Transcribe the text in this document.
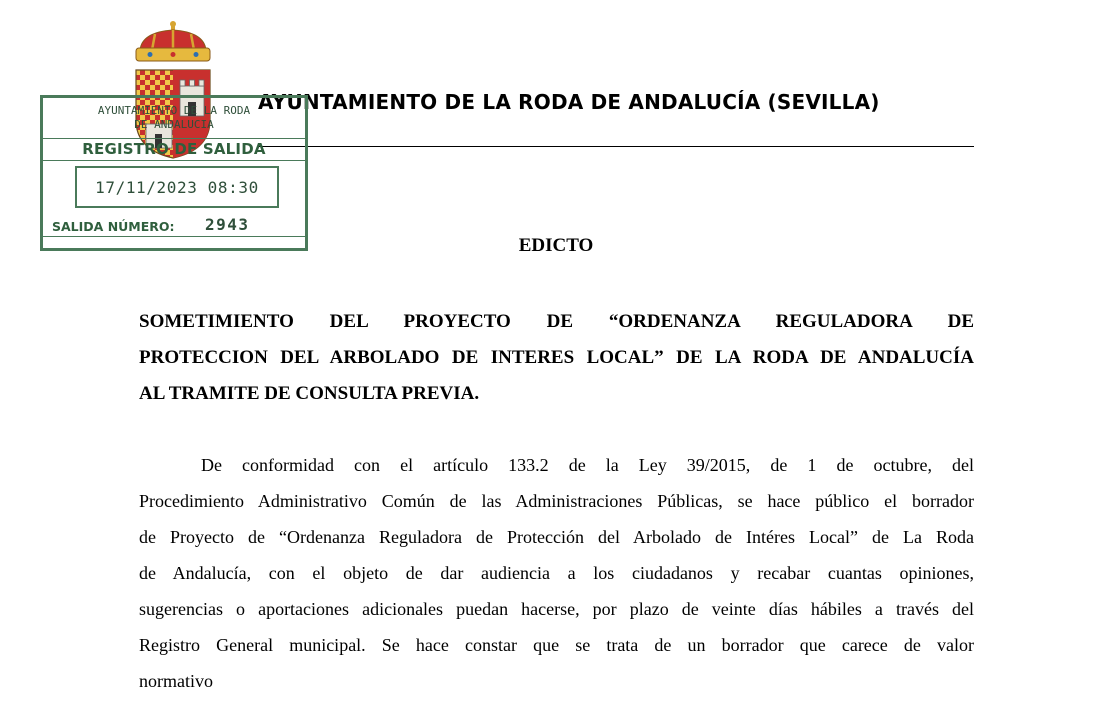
AYUNTAMIENTO DE LA RODA DE ANDALUCÍA (SEVILLA)
AYUNTAMIENTO DE LA RODA
DE ANDALUCIA
REGISTRO DE SALIDA
17/11/2023 08:30
SALIDA NÚMERO: 2943
EDICTO
SOMETIMIENTO DEL PROYECTO DE “ORDENANZA REGULADORA DE
PROTECCION DEL ARBOLADO DE INTERES LOCAL” DE LA RODA DE ANDALUCÍA
AL TRAMITE DE CONSULTA PREVIA.
De conformidad con el artículo 133.2 de la Ley 39/2015, de 1 de octubre, del
Procedimiento Administrativo Común de las Administraciones Públicas, se hace público el borrador
de Proyecto de “Ordenanza Reguladora de Protección del Arbolado de Intéres Local” de La Roda
de Andalucía, con el objeto de dar audiencia a los ciudadanos y recabar cuantas opiniones,
sugerencias o aportaciones adicionales puedan hacerse, por plazo de veinte días hábiles a través del
Registro General municipal. Se hace constar que se trata de un borrador que carece de valor
normativo
